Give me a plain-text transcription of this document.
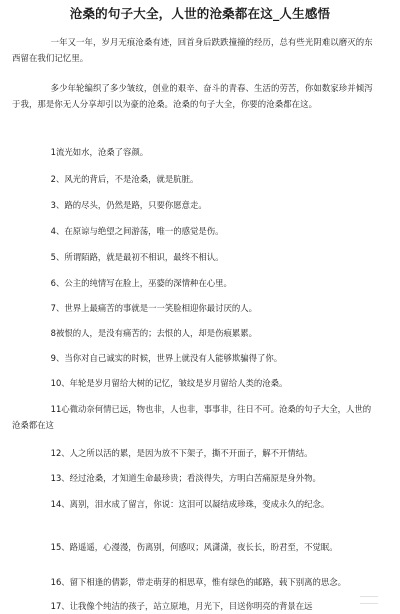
沧桑的句子大全，人世的沧桑都在这_人生感悟
一年又一年，岁月无痕沧桑有迹，回首身后跌跌撞撞的经历，总有些光阴难以磨灭的东西留在我们记忆里。
多少年轮编织了多少皱纹，创业的艰辛、奋斗的青春、生活的劳苦，你如数家珍并倾泻于我，那是你无人分享却引以为豪的沧桑。沧桑的句子大全，你要的沧桑都在这。
1流光如水，沧桑了容颜。
2、风光的背后，不是沧桑，就是肮脏。
3、路的尽头，仍然是路，只要你愿意走。
4、在原谅与绝望之间游荡，唯一的感觉是伤。
5、所谓陌路，就是最初不相识，最终不相认。
6、公主的纯情写在脸上，巫婆的深情种在心里。
7、世界上最痛苦的事就是一一笑脸相迎你最讨厌的人。
8被恨的人，是没有痛苦的；去恨的人，却是伤痕累累。
9、当你对自己诚实的时候，世界上就没有人能够欺骗得了你。
10、年轮是岁月留给大树的记忆，皱纹是岁月留给人类的沧桑。
11心微动奈何情已远，物也非，人也非，事事非，往日不可。沧桑的句子大全，人世的沧桑都在这
12、人之所以活的累，是因为放不下架子，撕不开面子，解不开情结。
13、经过沧桑，才知道生命最珍贵；看淡得失，方明白苦痛原是身外物。
14、离别，泪水成了留言，你说：这泪可以凝结成珍珠，变成永久的纪念。
15、路遥遥，心漫漫，伤离别，何感叹；风潇潇，夜长长，盼君至，不觉眠。
16、留下相逢的倩影，带走萌芽的相思草，惟有绿色的邮路，载下别离的思念。
17、让我像个纯洁的孩子，站立原地，月光下，目送你明亮的背景在远
